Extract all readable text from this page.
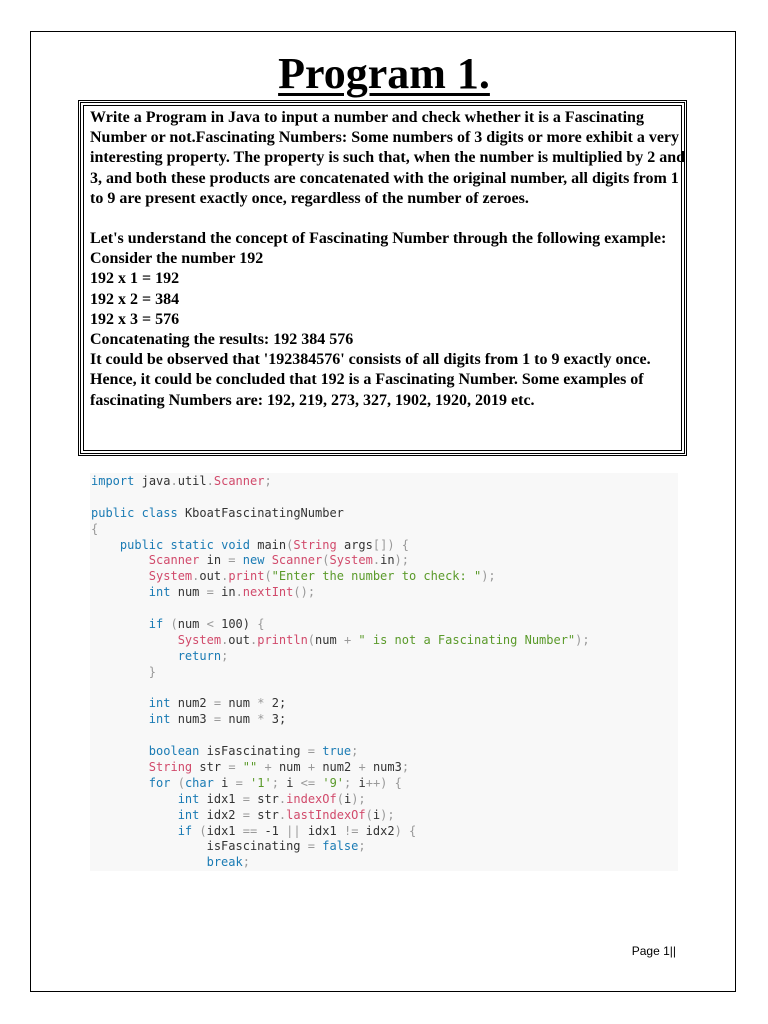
Program 1.

Write a Program in Java to input a number and check whether it is a Fascinating Number or not.Fascinating Numbers: Some numbers of 3 digits or more exhibit a very interesting property. The property is such that, when the number is multiplied by 2 and 3, and both these products are concatenated with the original number, all digits from 1 to 9 are present exactly once, regardless of the number of zeroes.

Let's understand the concept of Fascinating Number through the following example:

Consider the number 192

192 x 1 = 192

192 x 2 = 384

192 x 3 = 576

Concatenating the results: 192 384 576

It could be observed that '192384576' consists of all digits from 1 to 9 exactly once. Hence, it could be concluded that 192 is a Fascinating Number. Some examples of fascinating Numbers are: 192, 219, 273, 327, 1902, 1920, 2019 etc.

import java.util.Scanner;
public class KboatFascinatingNumber
{
public static void main(String args[]) {
Scanner in = new Scanner(System.in);
System.out.print("Enter the number to check: ");
int num = in.nextInt();
if (num < 100) {
System.out.println(num + " is not a Fascinating Number");
return;
}
int num2 = num * 2;
int num3 = num * 3;
boolean isFascinating = true;
String str = "" + num + num2 + num3;
for (char i = '1'; i <= '9'; i++) {
int idx1 = str.indexOf(i);
int idx2 = str.lastIndexOf(i);
if (idx1 == -1 || idx1 != idx2) {
isFascinating = false;
break;
Page 1||
